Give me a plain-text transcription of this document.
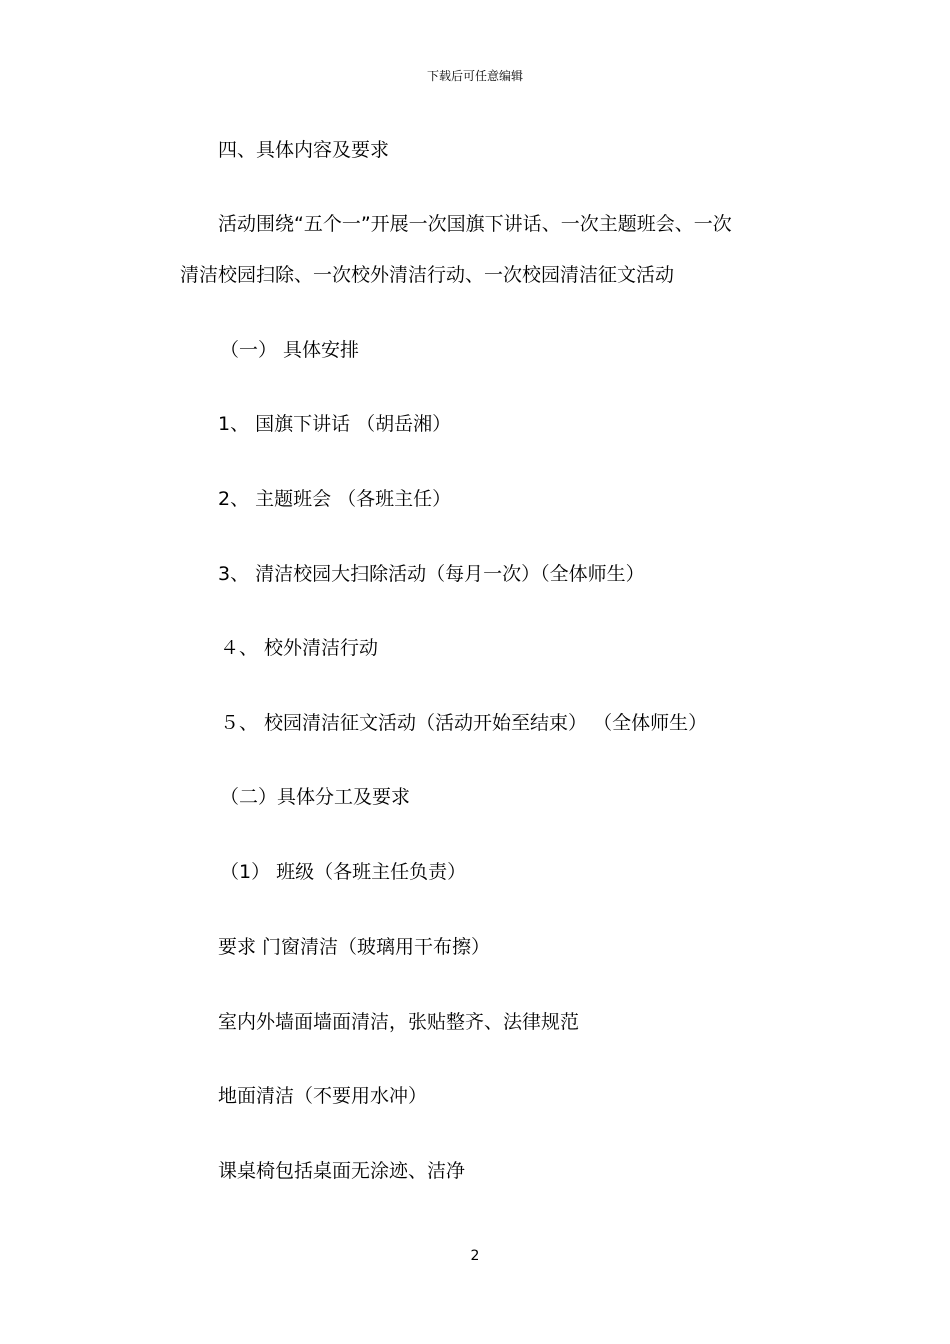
下载后可任意编辑
四、具体内容及要求
活动围绕“五个一”开展一次国旗下讲话、一次主题班会、一次
清洁校园扫除、一次校外清洁行动、一次校园清洁征文活动
（一） 具体安排
1、 国旗下讲话 （胡岳湘）
2、 主题班会 （各班主任）
3、 清洁校园大扫除活动（每月一次）（全体师生）
４、 校外清洁行动
５、 校园清洁征文活动（活动开始至结束） （全体师生）
（二）具体分工及要求
（1） 班级（各班主任负责）
要求 门窗清洁（玻璃用干布擦）
室内外墙面墙面清洁，张贴整齐、法律规范
地面清洁（不要用水冲）
课桌椅包括桌面无涂迹、洁净
2
